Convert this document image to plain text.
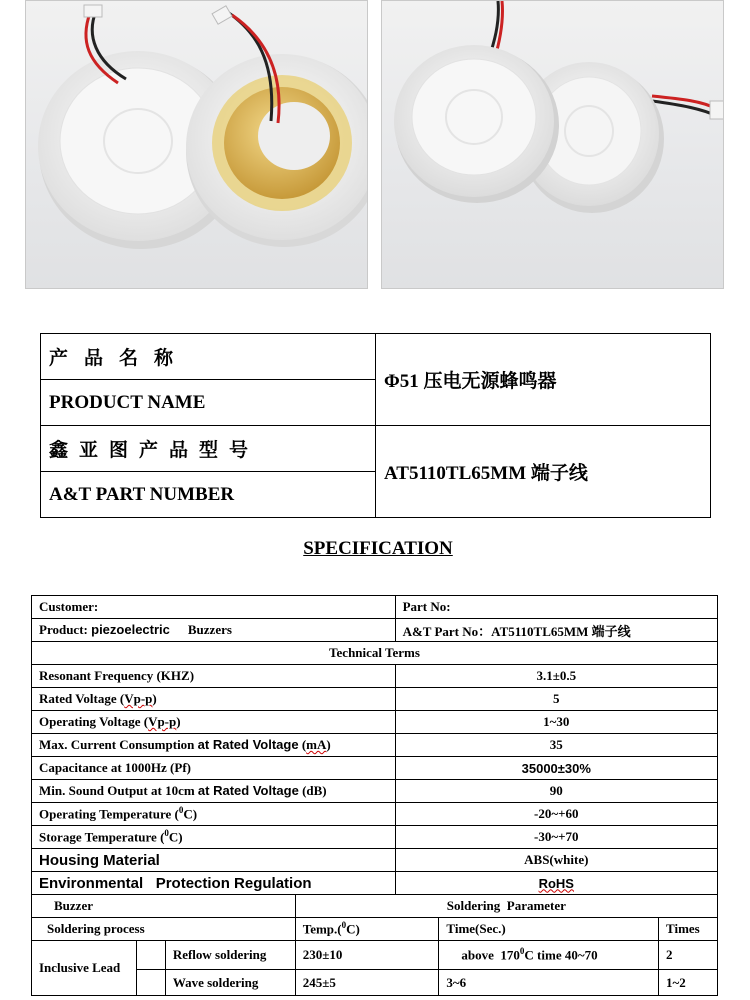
产品名称	Φ51 压电无源蜂鸣器
PRODUCT NAME	
鑫亚图产品型号	AT5110TL65MM 端子线
A&T PART NUMBER	
SPECIFICATION
Customer:				Part No:		
Product: piezoelectric Buzzers				A&T Part No：AT5110TL65MM 端子线		
Technical Terms						
Resonant Frequency (KHZ)				3.1±0.5		
Rated Voltage (Vp-p)				5		
Operating Voltage (Vp-p)				1~30		
Max. Current Consumption at Rated Voltage (mA)				35		
Capacitance at 1000Hz (Pf)				35000±30%		
Min. Sound Output at 10cm at Rated Voltage (dB)				90		
Operating Temperature ($^0$C)				-20~+60		
Storage Temperature ($^0$C)				-30~+70		
Housing Material				ABS(white)		
Environmental   Protection Regulation				RoHS		
Buzzer			Soldering  Parameter			
Soldering process			Temp.($^0$C)		Time(Sec.)	Times
Inclusive Lead		Reflow soldering	230±10		above  $170^0C$ time 40~70	2
		Wave soldering	245±5		3~6	1~2
